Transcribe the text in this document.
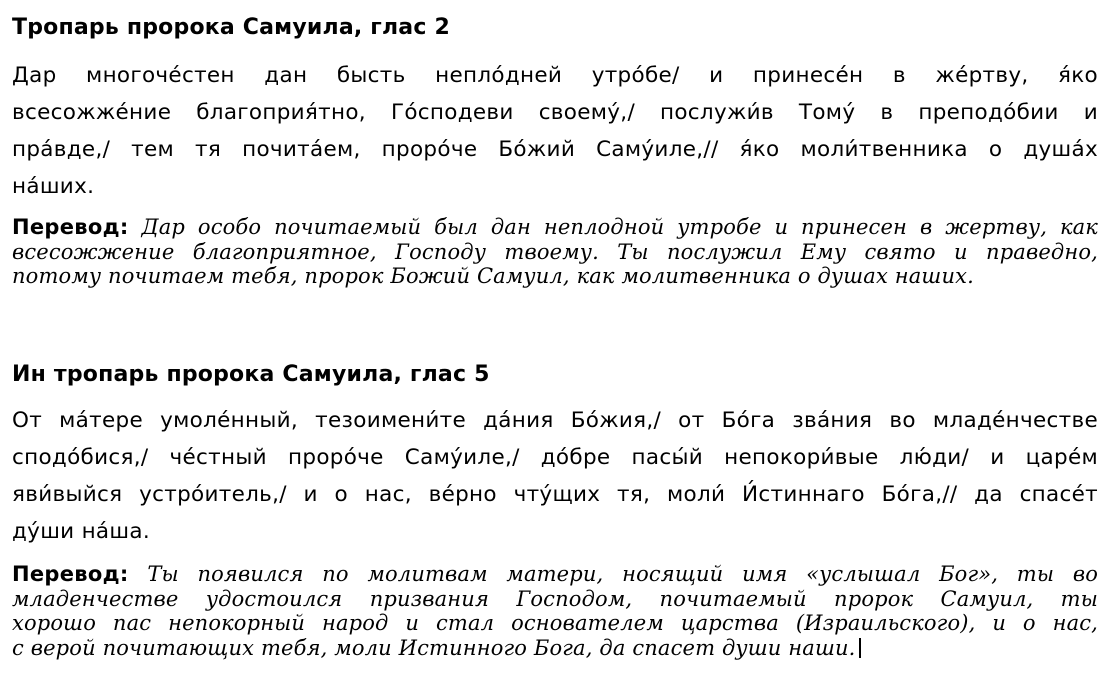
Тропарь пророка Самуила, глас 2
Дар многоче́стен дан бысть непло́дней утро́бе/ и принесе́н в же́ртву, я́ко
всесожже́ние благоприя́тно, Го́сподеви своему́,/ послужи́в Тому́ в преподо́бии и
пра́вде,/ тем тя почита́ем, проро́че Бо́жий Саму́иле,// я́ко моли́твенника о душа́х
на́ших.
Перевод: Дар особо почитаемый был дан неплодной утробе и принесен в жертву, как
всесожжение благоприятное, Господу твоему. Ты послужил Ему свято и праведно,
потому почитаем тебя, пророк Божий Самуил, как молитвенника о душах наших.
Ин тропарь пророка Самуила, глас 5
От ма́тере умоле́нный, тезоимени́те да́ния Бо́жия,/ от Бо́га зва́ния во младе́нчестве
сподо́бися,/ че́стный проро́че Саму́иле,/ до́бре пасы́й непокори́вые лю́ди/ и царе́м
яви́выйся устро́итель,/ и о нас, ве́рно чту́щих тя, моли́ И́стиннаго Бо́га,// да спасе́т
ду́ши на́ша.
Перевод: Ты появился по молитвам матери, носящий имя «услышал Бог», ты во
младенчестве удостоился призвания Господом, почитаемый пророк Самуил, ты
хорошо пас непокорный народ и стал основателем царства (Израильского), и о нас,
с верой почитающих тебя, моли Истинного Бога, да спасет души наши.
